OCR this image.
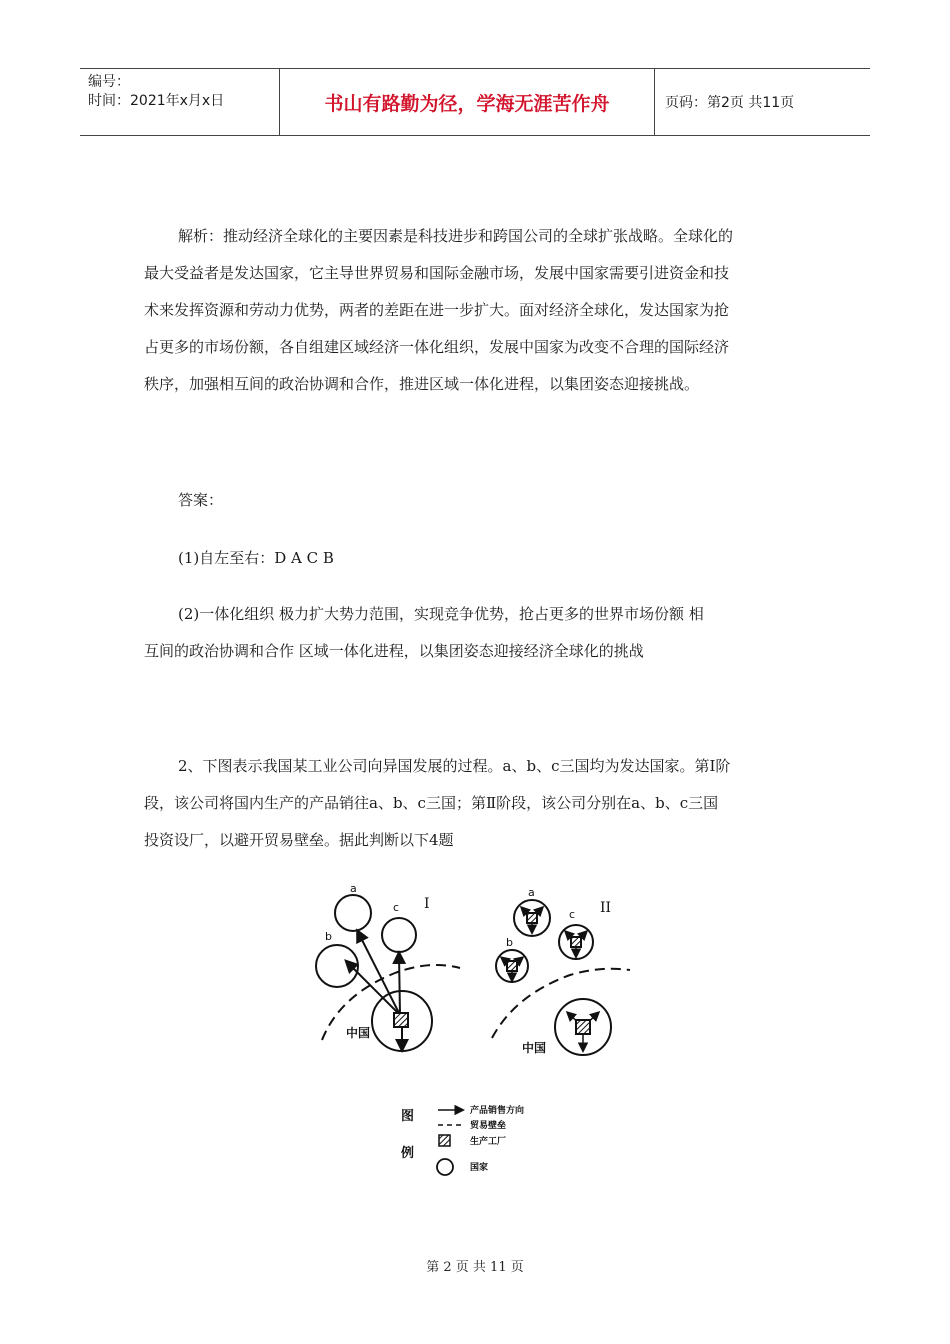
编号：
时间：2021年x月x日	书山有路勤为径，学海无涯苦作舟	页码：第2页 共11页
解析：推动经济全球化的主要因素是科技进步和跨国公司的全球扩张战略。全球化的
最大受益者是发达国家，它主导世界贸易和国际金融市场，发展中国家需要引进资金和技
术来发挥资源和劳动力优势，两者的差距在进一步扩大。面对经济全球化，发达国家为抢
占更多的市场份额，各自组建区域经济一体化组织，发展中国家为改变不合理的国际经济
秩序，加强相互间的政治协调和合作，推进区域一体化进程，以集团姿态迎接挑战。
答案：
(1)自左至右：D A C B
(2)一体化组织 极力扩大势力范围，实现竞争优势，抢占更多的世界市场份额 相
互间的政治协调和合作 区域一体化进程，以集团姿态迎接经济全球化的挑战
2、下图表示我国某工业公司向异国发展的过程。a、b、c三国均为发达国家。第Ⅰ阶
段，该公司将国内生产的产品销往a、b、c三国；第Ⅱ阶段，该公司分别在a、b、c三国
投资设厂，以避开贸易壁垒。据此判断以下4题
a
c
b
I
中国
a
c
b
II
中国
图
例
产品销售方向
贸易壁垒
生产工厂
国家
第 2 页 共 11 页
